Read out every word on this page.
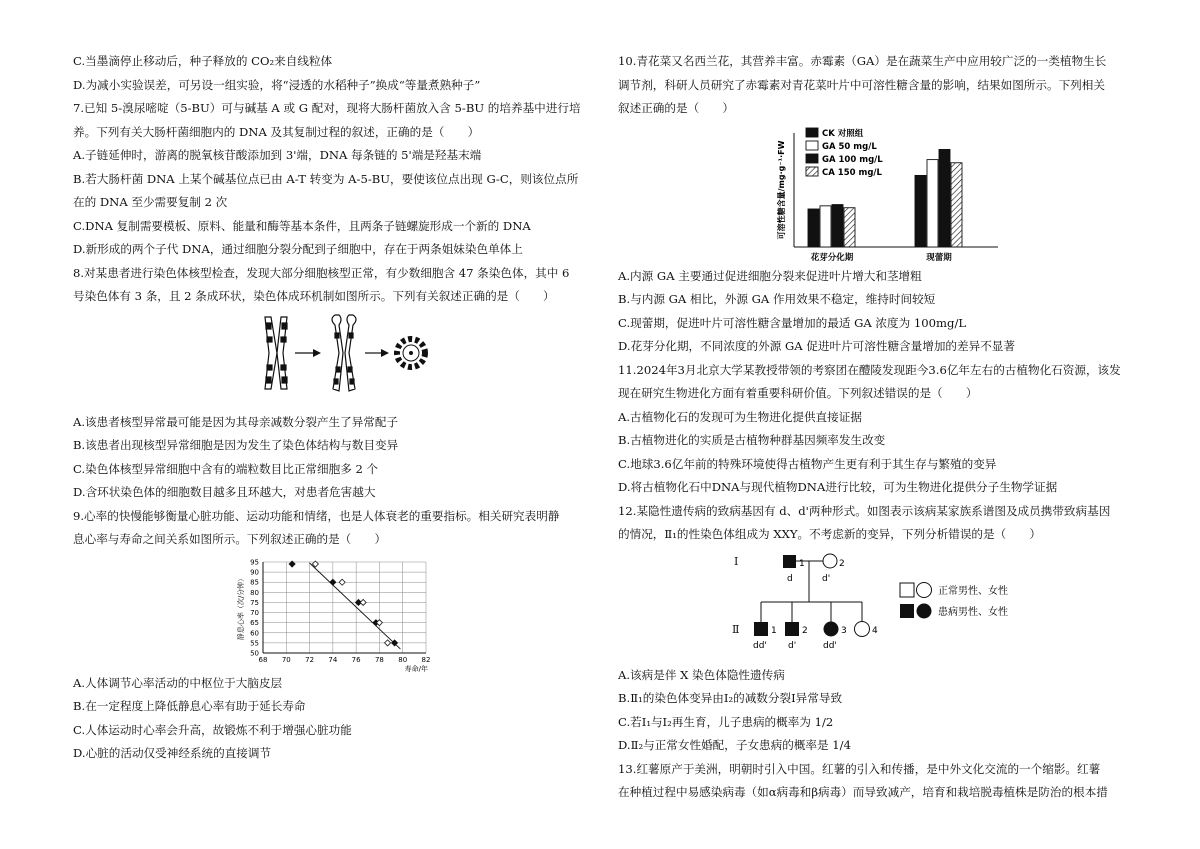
C.当墨滴停止移动后，种子释放的 CO₂来自线粒体
D.为减小实验误差，可另设一组实验，将“浸透的水稻种子”换成“等量煮熟种子”
7.已知 5-溴尿嘧啶（5-BU）可与碱基 A 或 G 配对，现将大肠杆菌放入含 5-BU 的培养基中进行培
养。下列有关大肠杆菌细胞内的 DNA 及其复制过程的叙述，正确的是（　　）
A.子链延伸时，游离的脱氧核苷酸添加到 3'端，DNA 每条链的 5'端是羟基末端
B.若大肠杆菌 DNA 上某个碱基位点已由 A-T 转变为 A-5-BU，要使该位点出现 G-C，则该位点所
在的 DNA 至少需要复制 2 次
C.DNA 复制需要模板、原料、能量和酶等基本条件，且两条子链螺旋形成一个新的 DNA
D.新形成的两个子代 DNA，通过细胞分裂分配到子细胞中，存在于两条姐妹染色单体上
8.对某患者进行染色体核型检查，发现大部分细胞核型正常，有少数细胞含 47 条染色体，其中 6
号染色体有 3 条，且 2 条成环状，染色体成环机制如图所示。下列有关叙述正确的是（　　）
A.该患者核型异常最可能是因为其母亲减数分裂产生了异常配子
B.该患者出现核型异常细胞是因为发生了染色体结构与数目变异
C.染色体核型异常细胞中含有的端粒数目比正常细胞多 2 个
D.含环状染色体的细胞数目越多且环越大，对患者危害越大
9.心率的快慢能够衡量心脏功能、运动功能和情绪，也是人体衰老的重要指标。相关研究表明静
息心率与寿命之间关系如图所示。下列叙述正确的是（　　）
50
55
60
65
70
75
80
85
90
95
68 70 72 74 76 78 80 82
静息心率（次/分钟）
寿命/年
A.人体调节心率活动的中枢位于大脑皮层
B.在一定程度上降低静息心率有助于延长寿命
C.人体运动时心率会升高，故锻炼不利于增强心脏功能
D.心脏的活动仅受神经系统的直接调节
10.青花菜又名西兰花，其营养丰富。赤霉素（GA）是在蔬菜生产中应用较广泛的一类植物生长
调节剂，科研人员研究了赤霉素对青花菜叶片中可溶性糖含量的影响，结果如图所示。下列相关
叙述正确的是（　　）
可溶性糖含量/mg·g⁻¹·FW
花芽分化期	现蕾期
CK 对照组
GA 50 mg/L
GA 100 mg/L
CA 150 mg/L
A.内源 GA 主要通过促进细胞分裂来促进叶片增大和茎增粗
B.与内源 GA 相比，外源 GA 作用效果不稳定，维持时间较短
C.现蕾期，促进叶片可溶性糖含量增加的最适 GA 浓度为 100mg/L
D.花芽分化期，不同浓度的外源 GA 促进叶片可溶性糖含量增加的差异不显著
11.2024年3月北京大学某教授带领的考察团在醴陵发现距今3.6亿年左右的古植物化石资源，该发
现在研究生物进化方面有着重要科研价值。下列叙述错误的是（　　）
A.古植物化石的发现可为生物进化提供直接证据
B.古植物进化的实质是古植物种群基因频率发生改变
C.地球3.6亿年前的特殊环境使得古植物产生更有利于其生存与繁殖的变异
D.将古植物化石中DNA与现代植物DNA进行比较，可为生物进化提供分子生物学证据
12.某隐性遗传病的致病基因有 d、d'两种形式。如图表示该病某家族系谱图及成员携带致病基因
的情况，Ⅱ₁的性染色体组成为 XXY。不考虑新的变异，下列分析错误的是（　　）
Ⅰ
Ⅱ
1
d
2
d'
1
dd'
2
d'
3
dd'
4
正常男性、女性
患病男性、女性
A.该病是伴 X 染色体隐性遗传病
B.Ⅱ₁的染色体变异由Ⅰ₂的减数分裂Ⅰ异常导致
C.若Ⅰ₁与Ⅰ₂再生育，儿子患病的概率为 1/2
D.Ⅱ₂与正常女性婚配，子女患病的概率是 1/4
13.红薯原产于美洲，明朝时引入中国。红薯的引入和传播，是中外文化交流的一个缩影。红薯
在种植过程中易感染病毒（如α病毒和β病毒）而导致减产，培育和栽培脱毒植株是防治的根本措
